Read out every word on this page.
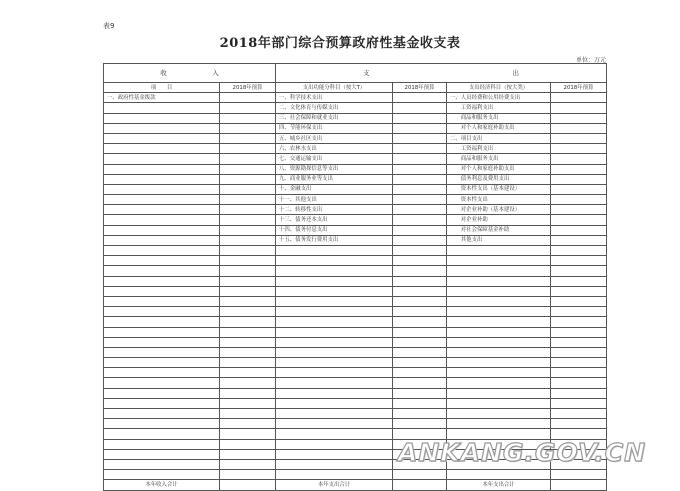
表9
2018年部门综合预算政府性基金收支表
单位：万元
收　　　　　　　入		支　　　　　　　　　　　　　　　　　　　　　　出			
项　　目	2018年预算	支出功能分科目（按大T）	2018年预算	支出经济科目（按大类）	2018年预算
一、政府性基金拨款		一、科学技术支出		一、人员经费和公用经费支出	
		二、文化体育与传媒支出		　　工资福利支出	
		三、社会保障和就业支出		　　商品和服务支出	
		四、节能环保支出		　　对个人和家庭补助支出	
		五、城乡社区支出		二、项目支出	
		六、农林水支出		　　工资福利支出	
		七、交通运输支出		　　商品和服务支出	
		八、资源勘探信息等支出		　　对个人和家庭补助支出	
		九、商业服务业等支出		　　债务利息及费用支出	
		十、金融支出		　　资本性支出（基本建设）	
		十一、其他支出		　　资本性支出	
		十二、转移性支出		　　对企业补助（基本建设）	
		十三、债务还本支出		　　对企业补助	
		十四、债务付息支出		　　对社会保障基金补助	
		十五、债务发行费用支出		　　其他支出	

本年收入合计		本年支出合计		本年支出合计	
ANKANG.GOV.CN
